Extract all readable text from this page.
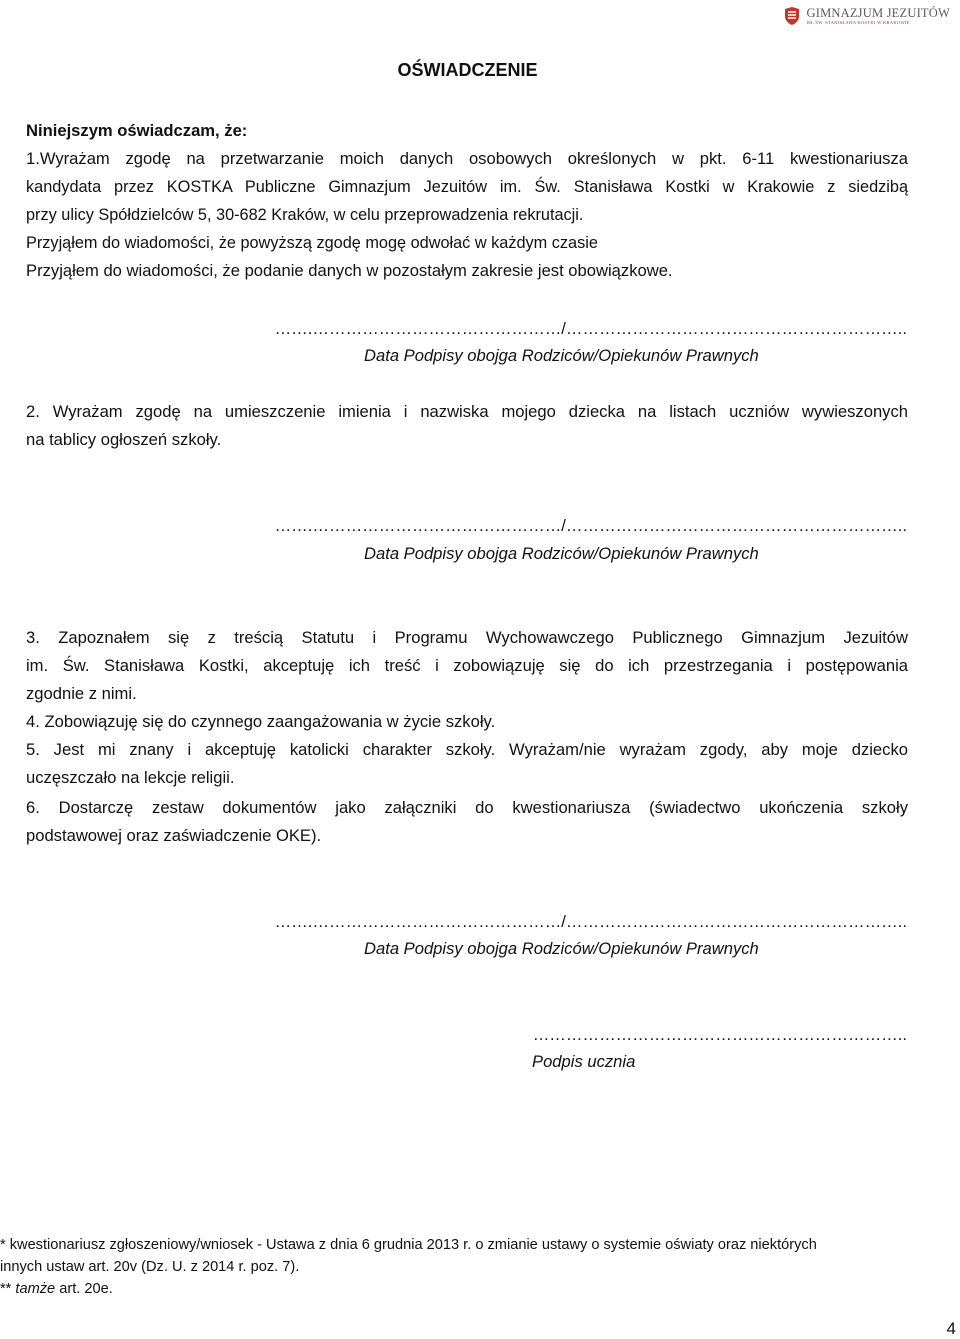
GIMNAZJUM JEZUITÓW
IM. ŚW. STANISŁAWA KOSTKI W KRAKOWIE
OŚWIADCZENIE

Niniejszym oświadczam, że:

1.Wyrażam zgodę na przetwarzanie moich danych osobowych określonych w pkt. 6-11 kwestionariusza

kandydata przez KOSTKA Publiczne Gimnazjum Jezuitów im. Św. Stanisława Kostki w Krakowie z siedzibą

przy ulicy Spółdzielców 5, 30-682 Kraków, w celu przeprowadzenia rekrutacji.

Przyjąłem do wiadomości, że powyższą zgodę mogę odwołać w każdym czasie

Przyjąłem do wiadomości, że podanie danych w pozostałym zakresie jest obowiązkowe.

…….………………………………………/……………………………………………………..
Data Podpisy obojga Rodziców/Opiekunów Prawnych

2. Wyrażam zgodę na umieszczenie imienia i nazwiska mojego dziecka na listach uczniów wywieszonych

na tablicy ogłoszeń szkoły.

…….………………………………………/……………………………………………………..
Data Podpisy obojga Rodziców/Opiekunów Prawnych

3. Zapoznałem się z treścią Statutu i Programu Wychowawczego Publicznego Gimnazjum Jezuitów

im. Św. Stanisława Kostki, akceptuję ich treść i zobowiązuję się do ich przestrzegania i postępowania

zgodnie z nimi.

4. Zobowiązuję się do czynnego zaangażowania w życie szkoły.

5. Jest mi znany i akceptuję katolicki charakter szkoły. Wyrażam/nie wyrażam zgody, aby moje dziecko

uczęszczało na lekcje religii.

6. Dostarczę zestaw dokumentów jako załączniki do kwestionariusza (świadectwo ukończenia szkoły

podstawowej oraz zaświadczenie OKE).

…….………………………………………/……………………………………………………..
Data Podpisy obojga Rodziców/Opiekunów Prawnych
…………………………………………………………..
Podpis ucznia

* kwestionariusz zgłoszeniowy/wniosek - Ustawa z dnia 6 grudnia 2013 r. o zmianie ustawy o systemie oświaty oraz niektórych

innych ustaw art. 20v (Dz. U. z 2014 r. poz. 7).

** tamże art. 20e.

4
